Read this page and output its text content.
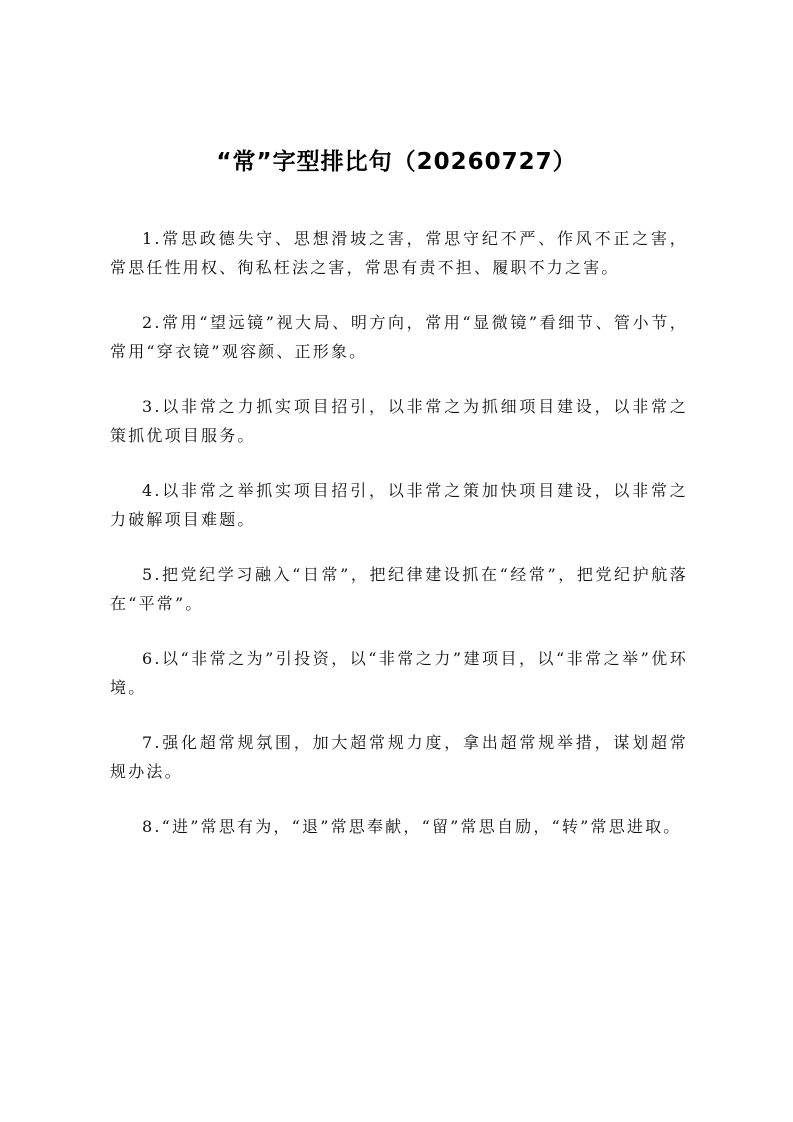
“常”字型排比句（20260727）

1.常思政德失守、思想滑坡之害，常思守纪不严、作风不正之害，常思任性用权、徇私枉法之害，常思有责不担、履职不力之害。

2.常用“望远镜”视大局、明方向，常用“显微镜”看细节、管小节，常用“穿衣镜”观容颜、正形象。

3.以非常之力抓实项目招引，以非常之为抓细项目建设，以非常之策抓优项目服务。

4.以非常之举抓实项目招引，以非常之策加快项目建设，以非常之力破解项目难题。

5.把党纪学习融入“日常”，把纪律建设抓在“经常”，把党纪护航落在“平常”。

6.以“非常之为”引投资，以“非常之力”建项目，以“非常之举”优环境。

7.强化超常规氛围，加大超常规力度，拿出超常规举措，谋划超常规办法。

8.“进”常思有为，“退”常思奉献，“留”常思自励，“转”常思进取。
